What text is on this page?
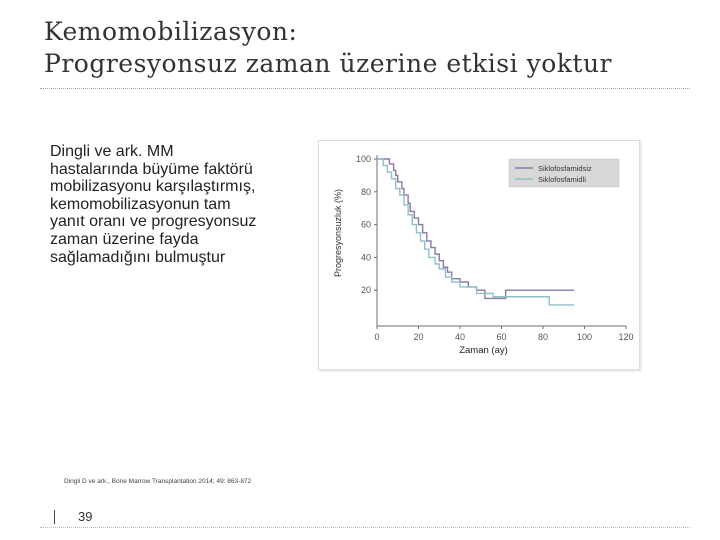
Kemomobilizasyon:
Progresyonsuz zaman üzerine etkisi yoktur
Dingli ve ark. MM
hastalarında büyüme faktörü
mobilizasyonu karşılaştırmış,
kemomobilizasyonun tam
yanıt oranı ve progresyonsuz
zaman üzerine fayda
sağlamadığını bulmuştur
20
40
60
80
100
0	20	40	60	80	100	120
Siklofosfamidsiz
Siklofosfamidli
Progresyonsuzluk (%)
Zaman (ay)
Dingli D ve ark., Bone Marrow Transplantation 2014; 49: 863-872
39
